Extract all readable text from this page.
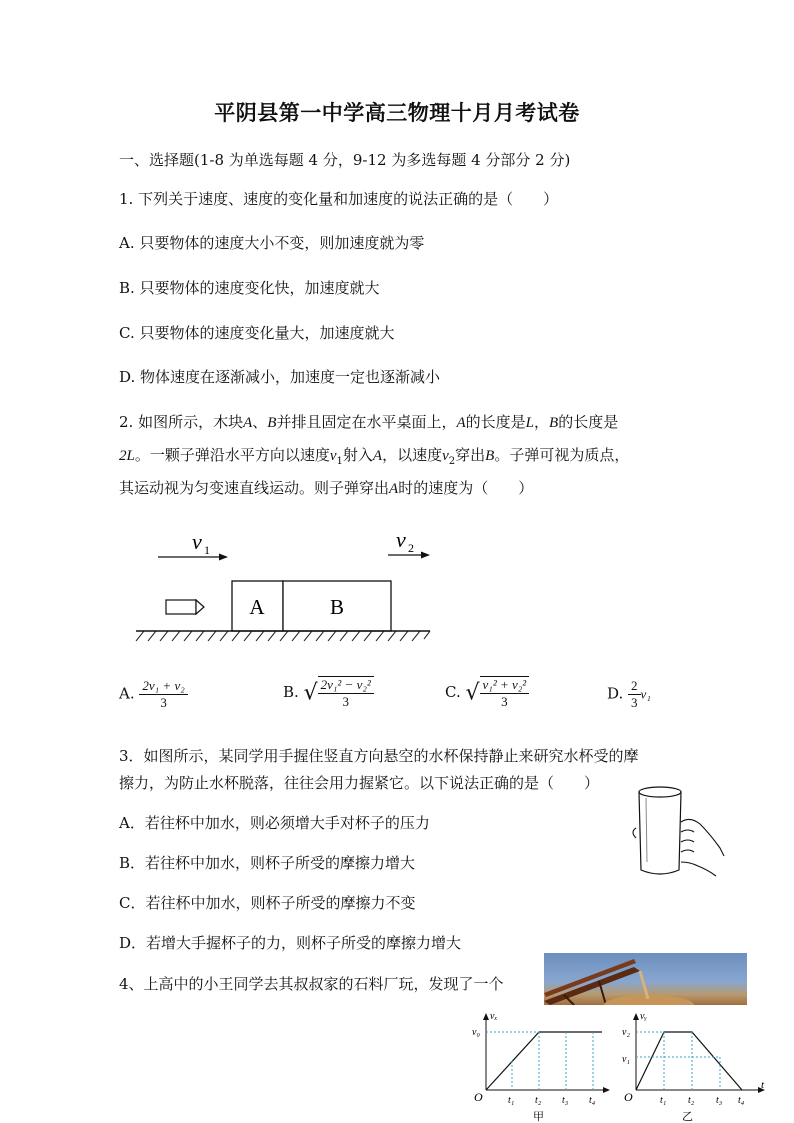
平阴县第一中学高三物理十月月考试卷
一、选择题(1-8 为单选每题 4 分，9-12 为多选每题 4 分部分 2 分)
1. 下列关于速度、速度的变化量和加速度的说法正确的是（　　）
A. 只要物体的速度大小不变，则加速度就为零
B. 只要物体的速度变化快，加速度就大
C. 只要物体的速度变化量大，加速度就大
D. 物体速度在逐渐减小，加速度一定也逐渐减小
2. 如图所示，木块A、B并排且固定在水平桌面上，A的长度是L，B的长度是
2L。一颗子弹沿水平方向以速度$v_1$射入A，以速度$v_2$穿出B。子弹可视为质点，
其运动视为匀变速直线运动。则子弹穿出A时的速度为（　　）
v 1	v 2
A	B
A. $\frac{\text{2v₁ + v₂}}{3}$	B. √ $\frac{\text{2v₁² − v₂²}}{3}$	C. √ $\frac{\text{v₁² + v₂²}}{3}$	D. $\frac{2}{3} v_1$
3．如图所示，某同学用手握住竖直方向悬空的水杯保持静止来研究水杯受的摩
擦力，为防止水杯脱落，往往会用力握紧它。以下说法正确的是（　　）
A．若往杯中加水，则必须增大手对杯子的压力
B．若往杯中加水，则杯子所受的摩擦力增大
C．若往杯中加水，则杯子所受的摩擦力不变
D．若增大手握杯子的力，则杯子所受的摩擦力增大
4、上高中的小王同学去其叔叔家的石料厂玩，发现了一个
vₓ
O
v₀
t₁ t₂ t₃ t₄
甲
vᵧ
t
O
v₂
v₁
t₁ t₂ t₃ t₄
乙
